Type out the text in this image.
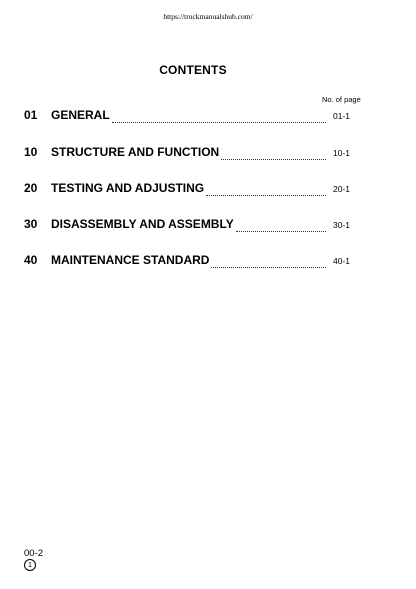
https://truckmanualshub.com/
CONTENTS
No. of page
01	GENERAL	01-1
10	STRUCTURE AND FUNCTION	10-1
20	TESTING AND ADJUSTING	20-1
30	DISASSEMBLY AND ASSEMBLY	30-1
40	MAINTENANCE STANDARD	40-1
00-2
1
